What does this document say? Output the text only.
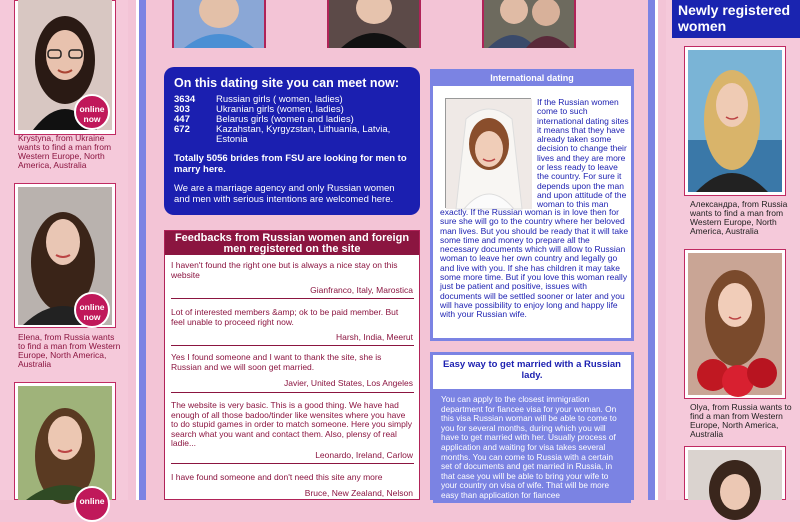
online
now
Krystyna, from Ukraine wants to find a man from Western Europe, North America, Australia
online
now
Elena, from Russia wants to find a man from Western Europe, North America, Australia
online
On this dating site you can meet now:
3634	Russian girls ( women, ladies)
303	Ukranian girls (women, ladies)
447	Belarus girls (women and ladies)
672	Kazahstan, Kyrgyzstan, Lithuania, Latvia, Estonia

Totally 5056 brides from FSU are looking for men to marry here.

We are a marriage agency and only Russian women and men with serious intentions are welcomed here.

Feedbacks from Russian women and foreign men registered on the site
I haven't found the right one but is always a nice stay on this website
Gianfranco, Italy, Marostica
Lot of interested members &amp; ok to be paid member. But feel unable to proceed right now.
Harsh, India, Meerut
Yes I found someone and I want to thank the site, she is Russian and we will soon get married.
Javier, United States, Los Angeles
The website is very basic. This is a good thing. We have had enough of all those badoo/tinder like wensites where you have to do stupid games in order to match someone. Here you simply search what you want and contact them. Also, plensy of real ladie...
Leonardo, Ireland, Carlow
I have found someone and don't need this site any more
Bruce, New Zealand, Nelson
International dating
If the Russian women come to such international dating sites it means that they have already taken some decision to change their lives and they are more or less ready to leave the country. For sure it depends upon the man and upon attitude of the woman to this man
exactly. If the Russian woman is in love then for sure she will go to the country where her beloved man lives. But you should be ready that it will take some time and money to prepare all the necessary documents which will allow to Russian woman to leave her own country and legally go and live with you. If she has children it may take some more time. But if you love this woman really just be patient and positive, issues with documents will be settled sooner or later and you will have possibility to enjoy long and happy life with your Russian wife.
Easy way to get married with a Russian lady.
You can apply to the closest immigration department for fiancee visa for your woman. On this visa Russian woman will be able to come to you for several months, during which you will have to get married with her. Usually process of application and waiting for visa takes several months. You can come to Russia with a certain set of documents and get married in Russia, in that case you will be able to bring your wife to your country on visa of wife. That will be more easy than application for fiancee
Newly registered women
Александра, from Russia wants to find a man from Western Europe, North America, Australia
Olya, from Russia wants to find a man from Western Europe, North America, Australia
